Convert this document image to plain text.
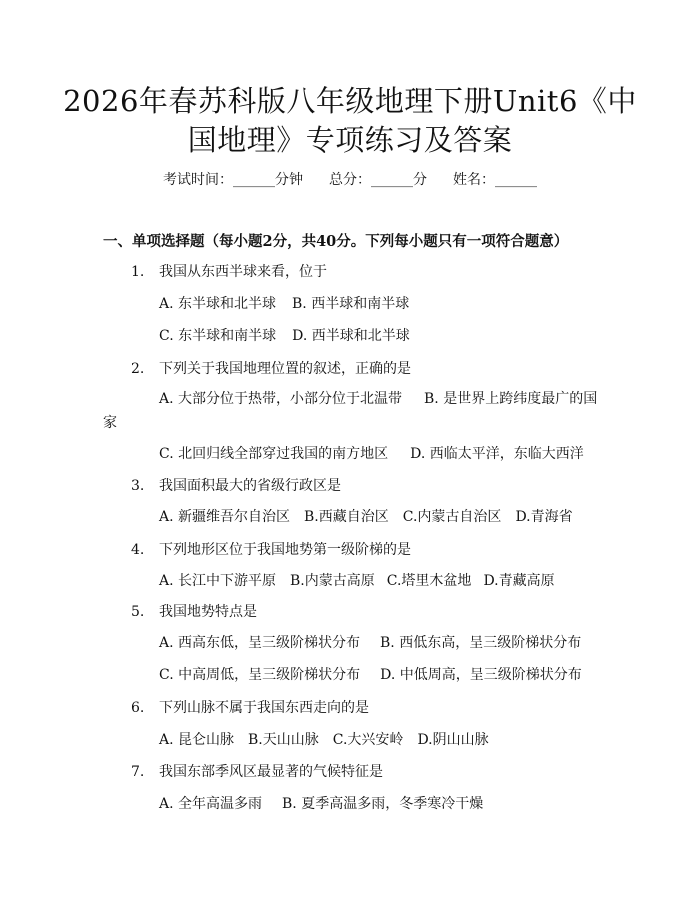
2026年春苏科版八年级地理下册Unit6《中国地理》专项练习及答案
考试时间：______分钟 总分：______分 姓名：______
一、单项选择题（每小题2分，共40分。下列每小题只有一项符合题意）
1. 我国从东西半球来看，位于
A. 东半球和北半球 B. 西半球和南半球
C. 东半球和南半球 D. 西半球和北半球
2. 下列关于我国地理位置的叙述，正确的是
A. 大部分位于热带，小部分位于北温带 B. 是世界上跨纬度最广的国
家
C. 北回归线全部穿过我国的南方地区 D. 西临太平洋，东临大西洋
3. 我国面积最大的省级行政区是
A. 新疆维吾尔自治区 B.西藏自治区 C.内蒙古自治区 D.青海省
4. 下列地形区位于我国地势第一级阶梯的是
A. 长江中下游平原 B.内蒙古高原 C.塔里木盆地 D.青藏高原
5. 我国地势特点是
A. 西高东低，呈三级阶梯状分布 B. 西低东高，呈三级阶梯状分布
C. 中高周低，呈三级阶梯状分布 D. 中低周高，呈三级阶梯状分布
6. 下列山脉不属于我国东西走向的是
A. 昆仑山脉 B.天山山脉 C.大兴安岭 D.阴山山脉
7. 我国东部季风区最显著的气候特征是
A. 全年高温多雨 B. 夏季高温多雨，冬季寒冷干燥
